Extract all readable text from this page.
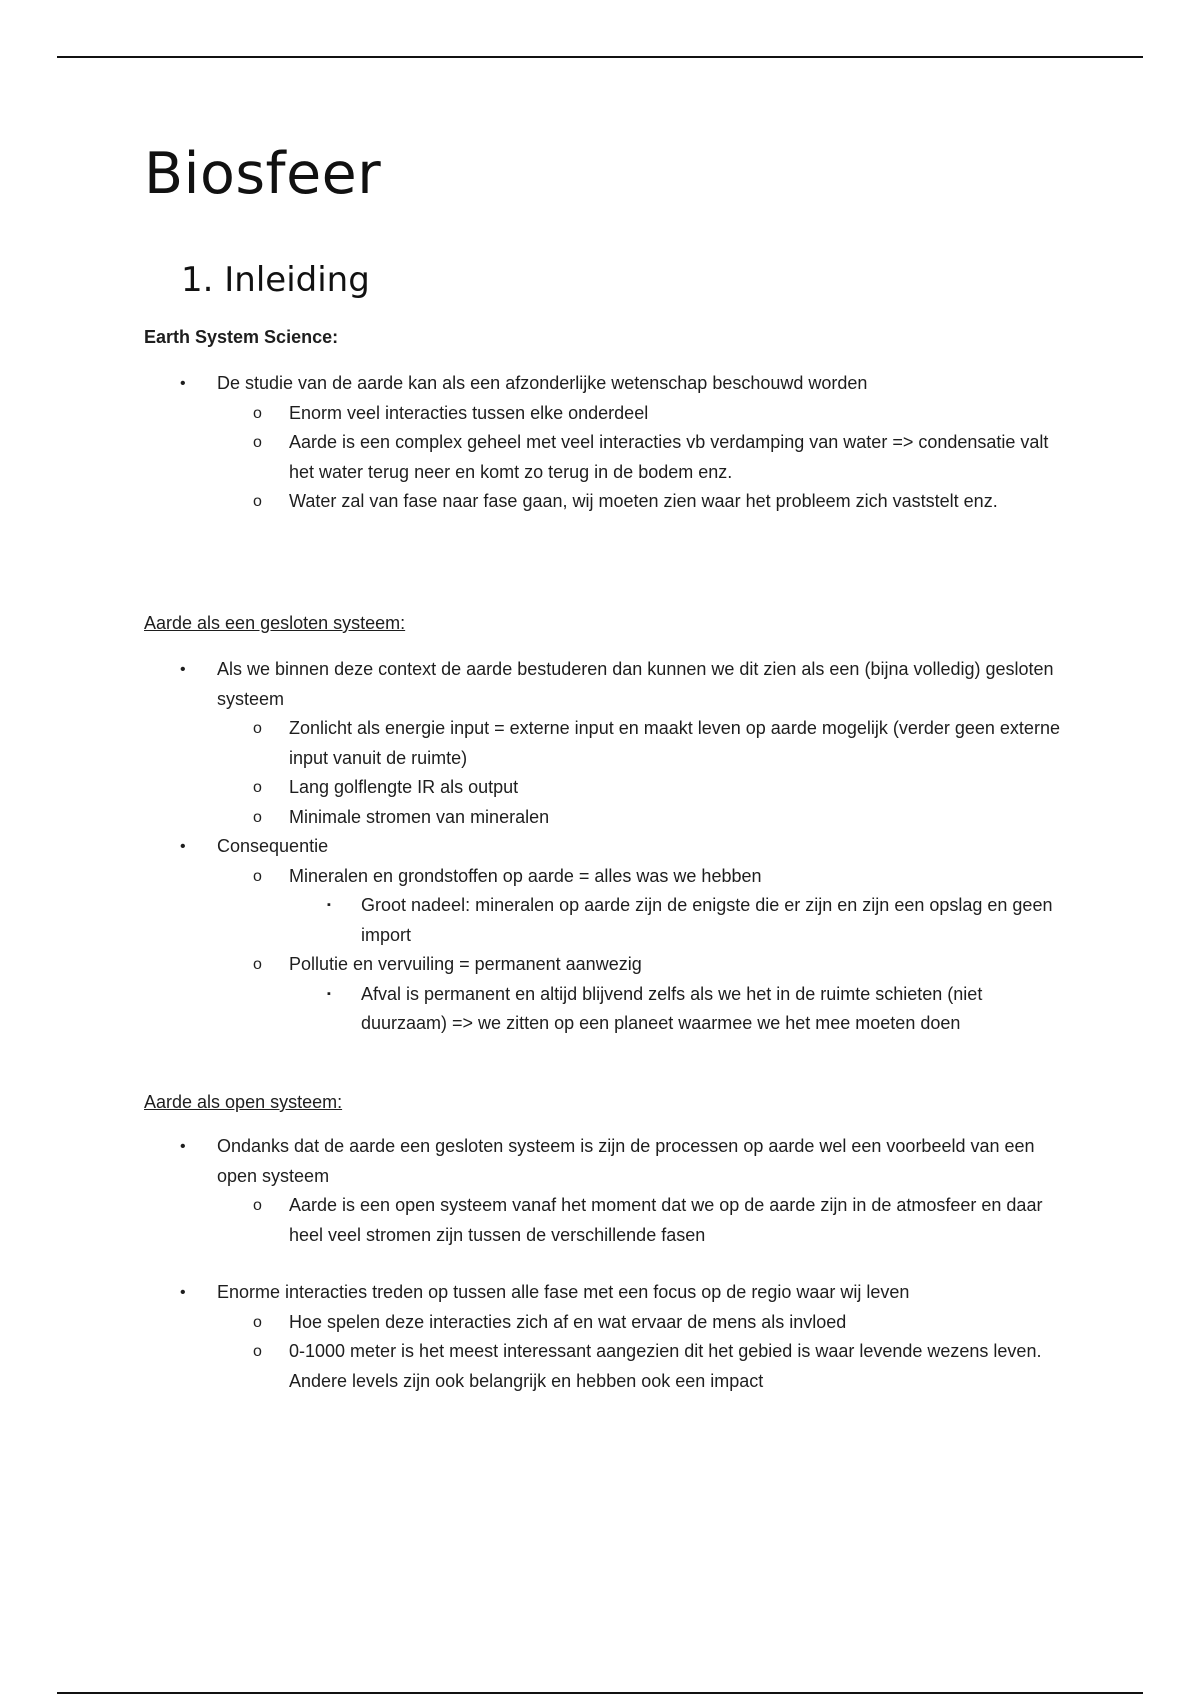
Biosfeer
1. Inleiding

Earth System Science:

• De studie van de aarde kan als een afzonderlijke wetenschap beschouwd worden
o Enorm veel interacties tussen elke onderdeel
o Aarde is een complex geheel met veel interacties vb verdamping van water => condensatie valt het water terug neer en komt zo terug in de bodem enz.
o Water zal van fase naar fase gaan, wij moeten zien waar het probleem zich vaststelt enz.

Aarde als een gesloten systeem:

• Als we binnen deze context de aarde bestuderen dan kunnen we dit zien als een (bijna volledig) gesloten systeem
o Zonlicht als energie input = externe input en maakt leven op aarde mogelijk (verder geen externe input vanuit de ruimte)
o Lang golflengte IR als output
o Minimale stromen van mineralen
• Consequentie
o Mineralen en grondstoffen op aarde = alles was we hebben
▪ Groot nadeel: mineralen op aarde zijn de enigste die er zijn en zijn een opslag en geen import
o Pollutie en vervuiling = permanent aanwezig
▪ Afval is permanent en altijd blijvend zelfs als we het in de ruimte schieten (niet duurzaam) => we zitten op een planeet waarmee we het mee moeten doen

Aarde als open systeem:

• Ondanks dat de aarde een gesloten systeem is zijn de processen op aarde wel een voorbeeld van een open systeem
o Aarde is een open systeem vanaf het moment dat we op de aarde zijn in de atmosfeer en daar heel veel stromen zijn tussen de verschillende fasen
• Enorme interacties treden op tussen alle fase met een focus op de regio waar wij leven
o Hoe spelen deze interacties zich af en wat ervaar de mens als invloed
o 0-1000 meter is het meest interessant aangezien dit het gebied is waar levende wezens leven. Andere levels zijn ook belangrijk en hebben ook een impact
